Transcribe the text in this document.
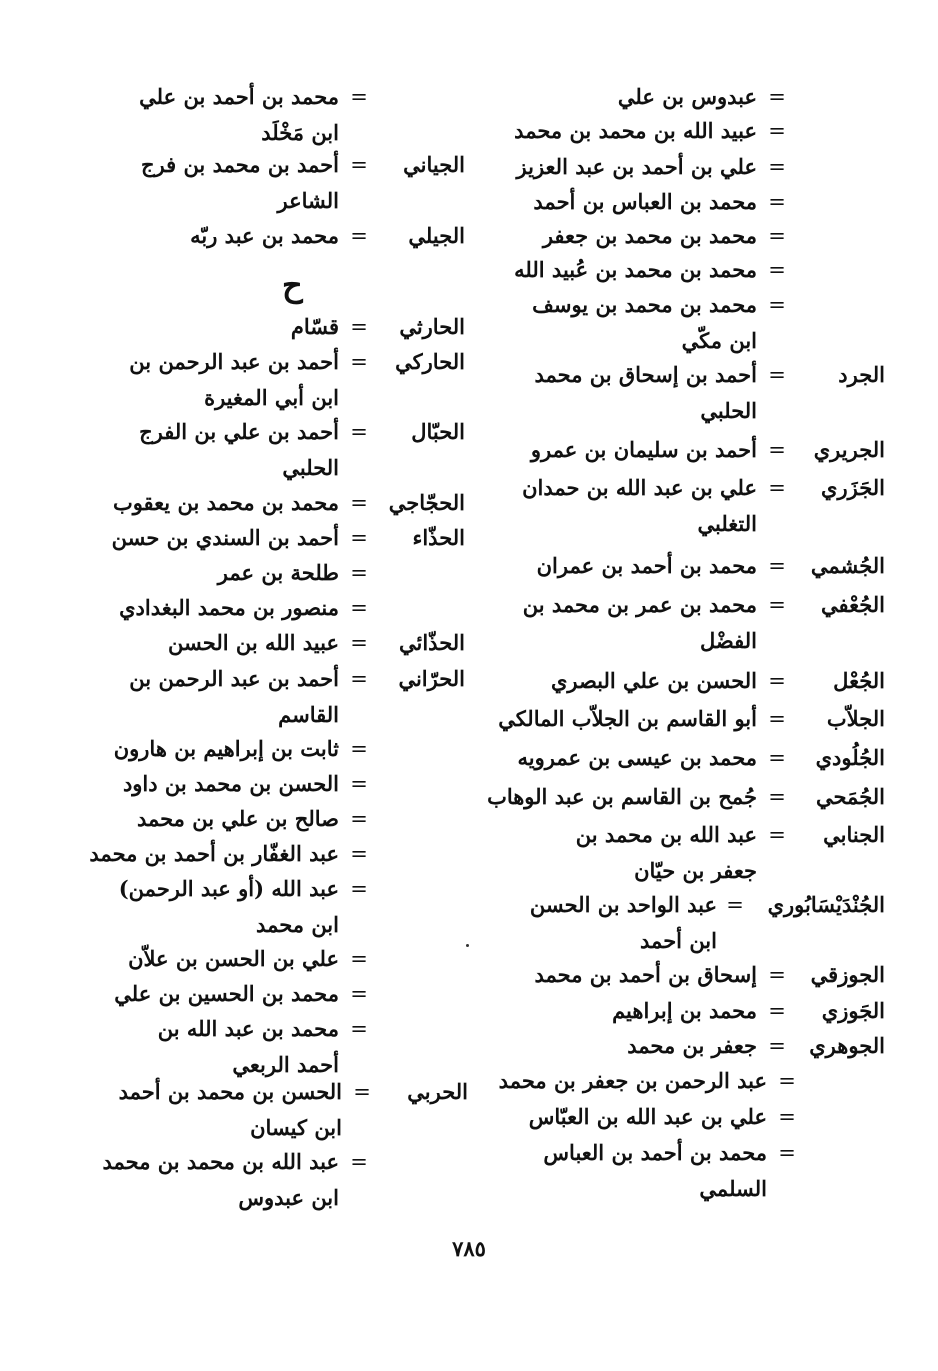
=
عبدوس بن علي
=
عبيد الله بن محمد بن محمد
=
علي بن أحمد بن عبد العزيز
=
محمد بن العباس بن أحمد
=
محمد بن محمد بن جعفر
=
محمد بن محمد بن عُبيد الله
=
محمد بن محمد بن يوسف
ابن مكّي
الجرد
=
أحمد بن إسحاق بن محمد
الحلبي
الجريري
=
أحمد بن سليمان بن عمرو
الجَزَري
=
علي بن عبد الله بن حمدان
التغلبي
الجُشمي
=
محمد بن أحمد بن عمران
الجُعْفي
=
محمد بن عمر بن محمد بن
الفضْل
الجُعْل
=
الحسن بن علي البصري
الجلاّب
=
أبو القاسم بن الجلاّب المالكي
الجُلُودي
=
محمد بن عيسى بن عمرويه
الجُمَحي
=
جُمح بن القاسم بن عبد الوهاب
الجنابي
=
عبد الله بن محمد بن
جعفر بن حيّان
الجُنْدَيْسَابُوري
=
عبد الواحد بن الحسن
ابن أحمد
الجوزقي
=
إسحاق بن أحمد بن محمد
الجَوزي
=
محمد بن إبراهيم
الجوهري
=
جعفر بن محمد
=
عبد الرحمن بن جعفر بن محمد
=
علي بن عبد الله بن العبّاس
=
محمد بن أحمد بن العباس
السلمي
=
محمد بن أحمد بن علي
ابن مَخْلَد
الجياني
=
أحمد بن محمد بن فرج
الشاعر
الجيلي
=
محمد بن عبد ربّه
ح
الحارثي
=
قسّام
الحاركي
=
أحمد بن عبد الرحمن بن
ابن أبي المغيرة
الحبّال
=
أحمد بن علي بن الفرج
الحلبي
الحجّاجي
=
محمد بن محمد بن يعقوب
الحذّاء
=
أحمد بن السندي بن حسن
=
طلحة بن عمر
=
منصور بن محمد البغدادي
الحذّائي
=
عبيد الله بن الحسن
الحرّاني
=
أحمد بن عبد الرحمن بن
القاسم
=
ثابت بن إبراهيم بن هارون
=
الحسن بن محمد بن داود
=
صالح بن علي بن محمد
=
عبد الغفّار بن أحمد بن محمد
=
عبد الله (أو عبد الرحمن)
ابن محمد
=
علي بن الحسن بن علاّن
=
محمد بن الحسين بن علي
=
محمد بن عبد الله بن
أحمد الربعي
الحربي
=
الحسن بن محمد بن أحمد
ابن كيسان
=
عبد الله بن محمد بن محمد
ابن عبدوس
٧٨٥
